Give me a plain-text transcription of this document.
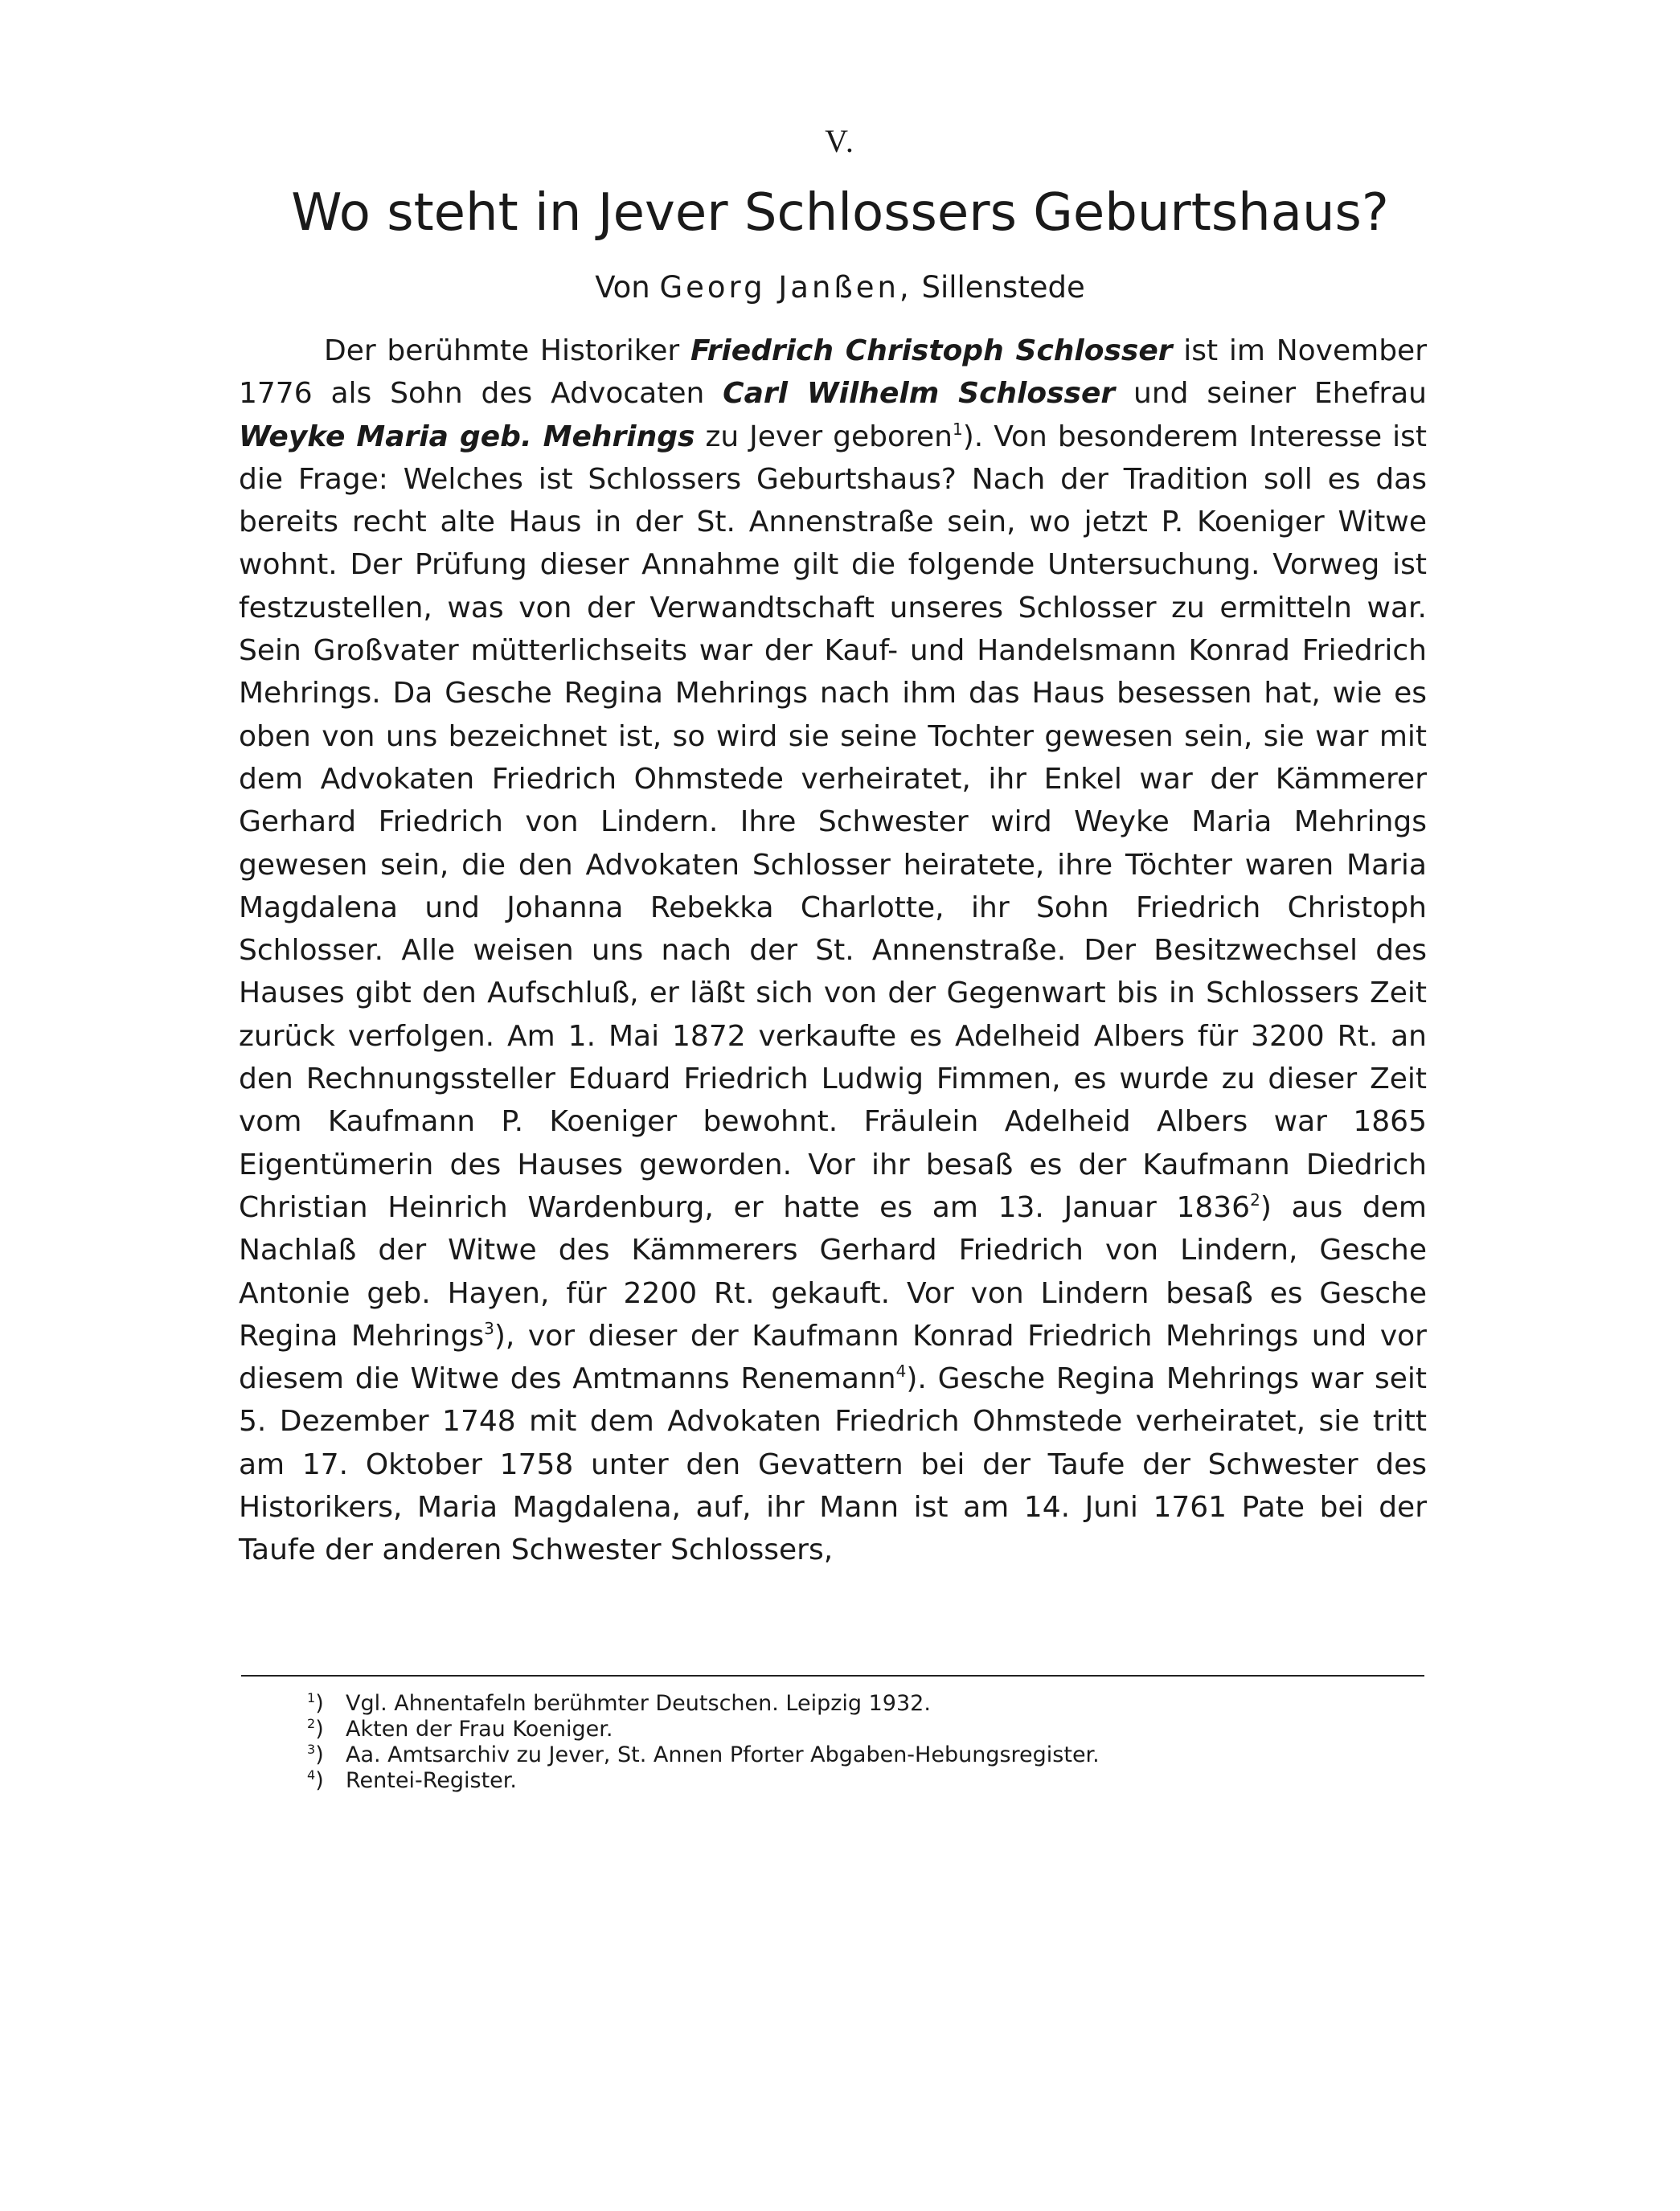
V.
Wo steht in Jever Schlossers Geburtshaus?
Von Georg Janßen, Sillenstede

Der berühmte Historiker Friedrich Christoph Schlosser ist im November 1776 als Sohn des Advocaten Carl Wilhelm Schlosser und seiner Ehefrau Weyke Maria geb. Mehrings zu Jever geboren$^1$). Von besonderem Interesse ist die Frage: Welches ist Schlossers Geburtshaus? Nach der Tradition soll es das bereits recht alte Haus in der St. Annenstraße sein, wo jetzt P. Koeniger Witwe wohnt. Der Prüfung dieser Annahme gilt die folgende Untersuchung. Vorweg ist festzustellen, was von der Verwandtschaft unseres Schlosser zu ermitteln war. Sein Großvater mütterlichseits war der Kauf- und Handelsmann Konrad Friedrich Mehrings. Da Gesche Regina Mehrings nach ihm das Haus besessen hat, wie es oben von uns bezeichnet ist, so wird sie seine Tochter gewesen sein, sie war mit dem Advokaten Friedrich Ohmstede verheiratet, ihr Enkel war der Kämmerer Gerhard Friedrich von Lindern. Ihre Schwester wird Weyke Maria Mehrings gewesen sein, die den Advokaten Schlosser heiratete, ihre Töchter waren Maria Magdalena und Johanna Rebekka Charlotte, ihr Sohn Friedrich Christoph Schlosser. Alle weisen uns nach der St. Annenstraße. Der Besitzwechsel des Hauses gibt den Aufschluß, er läßt sich von der Gegenwart bis in Schlossers Zeit zurück verfolgen. Am 1. Mai 1872 verkaufte es Adelheid Albers für 3200 Rt. an den Rechnungssteller Eduard Friedrich Ludwig Fimmen, es wurde zu dieser Zeit vom Kaufmann P. Koeniger bewohnt. Fräulein Adelheid Albers war 1865 Eigentümerin des Hauses geworden. Vor ihr besaß es der Kaufmann Diedrich Christian Heinrich Wardenburg, er hatte es am 13. Januar 1836$^2$) aus dem Nachlaß der Witwe des Kämmerers Gerhard Friedrich von Lindern, Gesche Antonie geb. Hayen, für 2200 Rt. gekauft. Vor von Lindern besaß es Gesche Regina Mehrings$^3$), vor dieser der Kaufmann Konrad Friedrich Mehrings und vor diesem die Witwe des Amtmanns Renemann$^4$). Gesche Regina Mehrings war seit 5. Dezember 1748 mit dem Advokaten Friedrich Ohmstede verheiratet, sie tritt am 17. Oktober 1758 unter den Gevattern bei der Taufe der Schwester des Historikers, Maria Magdalena, auf, ihr Mann ist am 14. Juni 1761 Pate bei der Taufe der anderen Schwester Schlossers,

$^1$) Vgl. Ahnentafeln berühmter Deutschen. Leipzig 1932.
$^2$) Akten der Frau Koeniger.
$^3$) Aa. Amtsarchiv zu Jever, St. Annen Pforter Abgaben-Hebungsregister.
$^4$) Rentei-Register.
